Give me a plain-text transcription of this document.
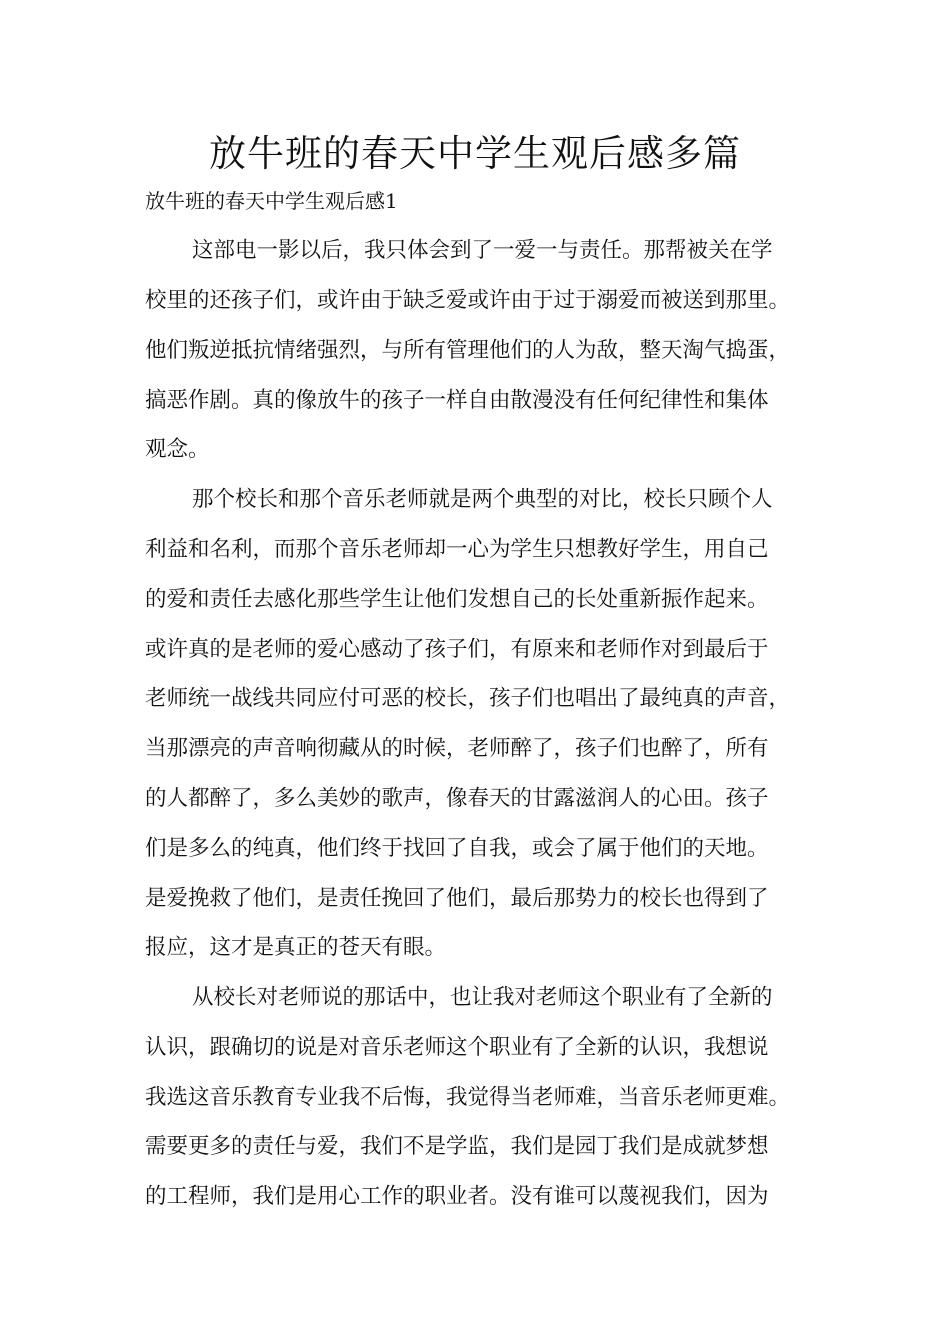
放牛班的春天中学生观后感多篇

放牛班的春天中学生观后感1

这部电一影以后，我只体会到了一爱一与责任。那帮被关在学

校里的还孩子们，或许由于缺乏爱或许由于过于溺爱而被送到那里。

他们叛逆抵抗情绪强烈，与所有管理他们的人为敌，整天淘气捣蛋，

搞恶作剧。真的像放牛的孩子一样自由散漫没有任何纪律性和集体

观念。

那个校长和那个音乐老师就是两个典型的对比，校长只顾个人

利益和名利，而那个音乐老师却一心为学生只想教好学生，用自己

的爱和责任去感化那些学生让他们发想自己的长处重新振作起来。

或许真的是老师的爱心感动了孩子们，有原来和老师作对到最后于

老师统一战线共同应付可恶的校长，孩子们也唱出了最纯真的声音，

当那漂亮的声音响彻藏从的时候，老师醉了，孩子们也醉了，所有

的人都醉了，多么美妙的歌声，像春天的甘露滋润人的心田。孩子

们是多么的纯真，他们终于找回了自我，或会了属于他们的天地。

是爱挽救了他们，是责任挽回了他们，最后那势力的校长也得到了

报应，这才是真正的苍天有眼。

从校长对老师说的那话中，也让我对老师这个职业有了全新的

认识，跟确切的说是对音乐老师这个职业有了全新的认识，我想说

我选这音乐教育专业我不后悔，我觉得当老师难，当音乐老师更难。

需要更多的责任与爱，我们不是学监，我们是园丁我们是成就梦想

的工程师，我们是用心工作的职业者。没有谁可以蔑视我们，因为
